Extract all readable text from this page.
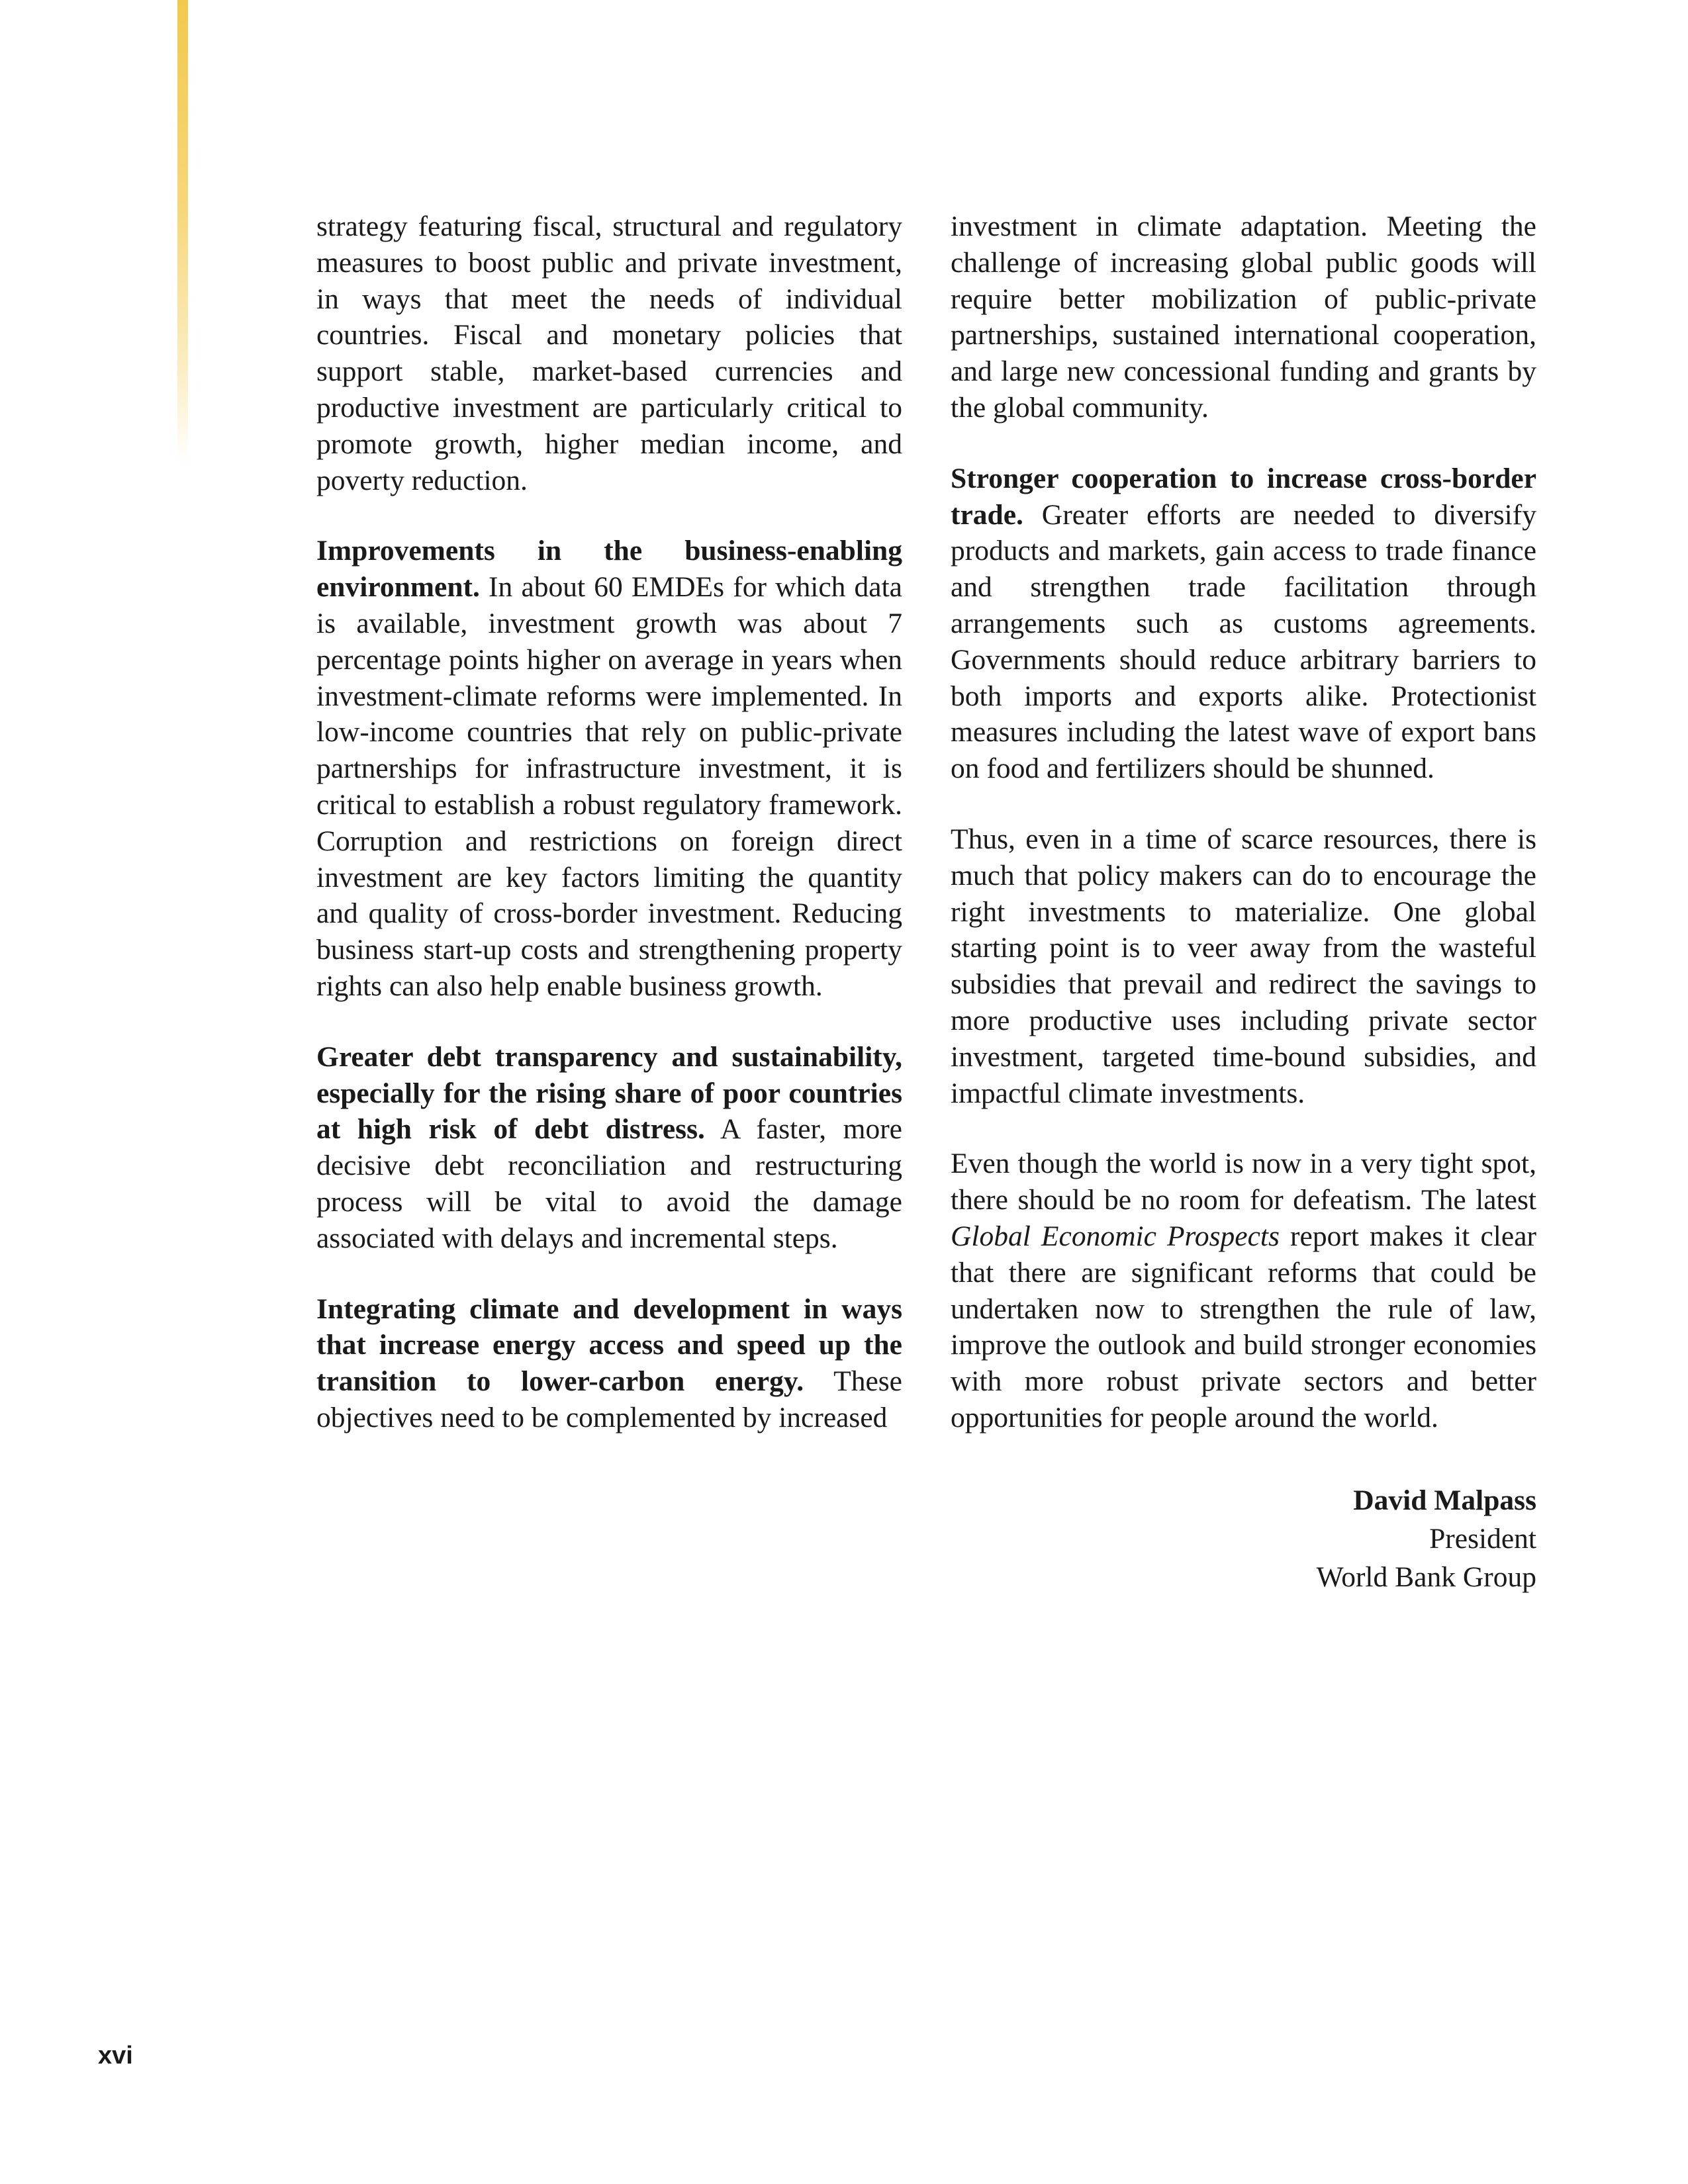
strategy featuring fiscal, structural and regulatory measures to boost public and private investment, in ways that meet the needs of individual countries. Fiscal and monetary policies that support stable, market-based currencies and productive investment are particularly critical to promote growth, higher median income, and poverty reduction.

Improvements in the business-enabling environment. In about 60 EMDEs for which data is available, investment growth was about 7 percentage points higher on average in years when investment-climate reforms were implemented. In low-income countries that rely on public-private partnerships for infrastructure investment, it is critical to establish a robust regulatory framework. Corruption and restrictions on foreign direct investment are key factors limiting the quantity and quality of cross-border investment. Reducing business start-up costs and strengthening property rights can also help enable business growth.

Greater debt transparency and sustainability, especially for the rising share of poor countries at high risk of debt distress. A faster, more decisive debt reconciliation and restructuring process will be vital to avoid the damage associated with delays and incremental steps.

Integrating climate and development in ways that increase energy access and speed up the transition to lower-carbon energy. These objectives need to be complemented by increased

investment in climate adaptation. Meeting the challenge of increasing global public goods will require better mobilization of public-private partnerships, sustained international cooperation, and large new concessional funding and grants by the global community.

Stronger cooperation to increase cross-border trade. Greater efforts are needed to diversify products and markets, gain access to trade finance and strengthen trade facilitation through arrangements such as customs agreements. Governments should reduce arbitrary barriers to both imports and exports alike. Protectionist measures including the latest wave of export bans on food and fertilizers should be shunned.

Thus, even in a time of scarce resources, there is much that policy makers can do to encourage the right investments to materialize. One global starting point is to veer away from the wasteful subsidies that prevail and redirect the savings to more productive uses including private sector investment, targeted time-bound subsidies, and impactful climate investments.

Even though the world is now in a very tight spot, there should be no room for defeatism. The latest Global Economic Prospects report makes it clear that there are significant reforms that could be undertaken now to strengthen the rule of law, improve the outlook and build stronger economies with more robust private sectors and better opportunities for people around the world.

David Malpass
President
World Bank Group
xvi
